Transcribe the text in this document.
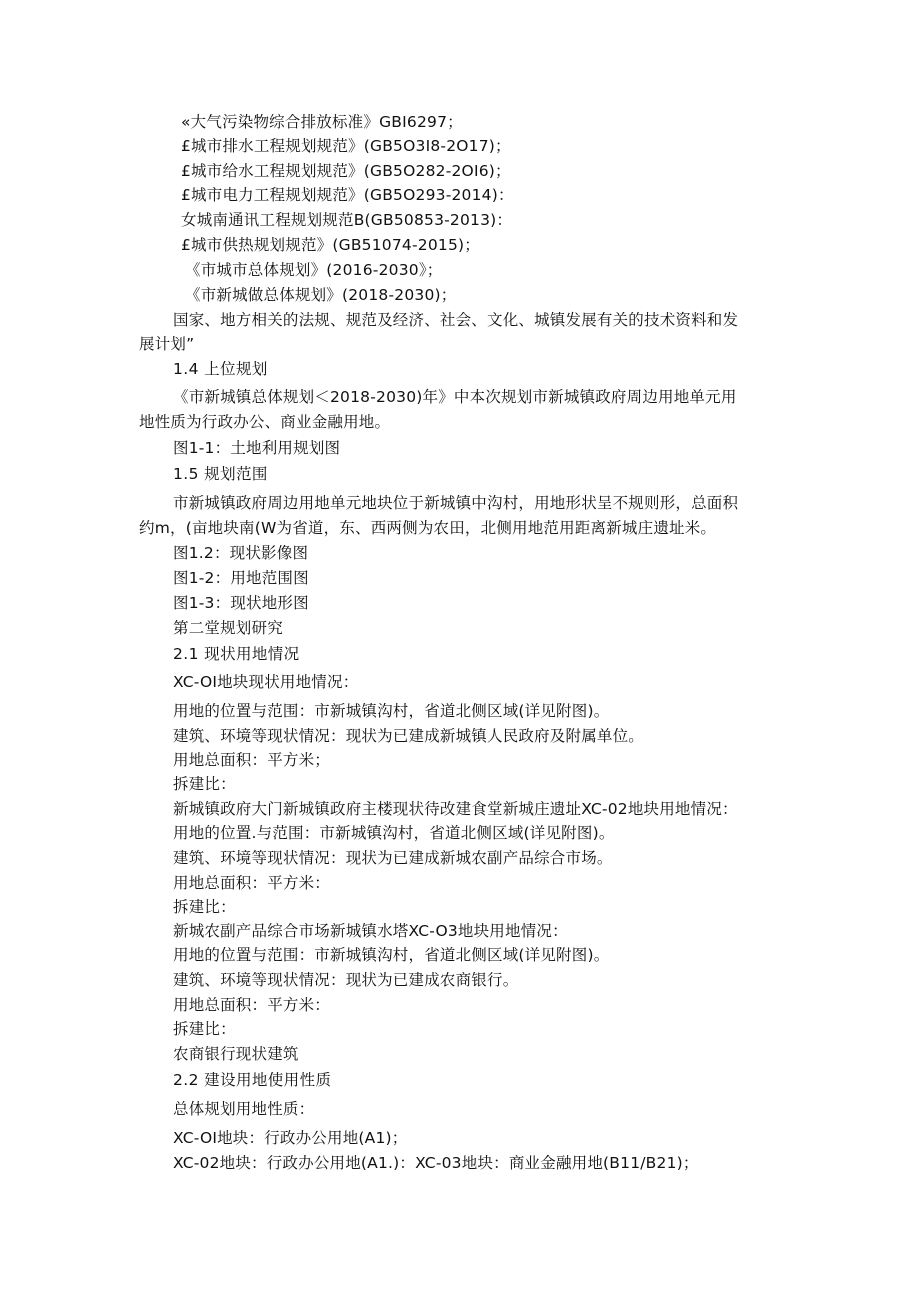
«大气污染物综合排放标准》GBI6297；
£城市排水工程规划规范》(GB5O3I8-2O17)；
£城市给水工程规划规范》(GB5O282-2OI6)；
£城市电力工程规划规范》(GB5O293-2014)：
女城南通讯工程规划规范B(GB50853-2013)：
£城市供热规划规范》(GB51074-2015)；
《市城市总体规划》(2016-2030》；
《市新城做总体规划》(2018-2030)；
国家、地方相关的法规、规范及经济、社会、文化、城镇发展有关的技术资料和发
展计划”
1.4 上位规划
《市新城镇总体规划＜2018-2030)年》中本次规划市新城镇政府周边用地单元用
地性质为行政办公、商业金融用地。
图1-1：土地利用规划图
1.5 规划范围
市新城镇政府周边用地单元地块位于新城镇中沟村，用地形状呈不规则形，总面积
约m，(亩地块南(W为省道，东、西两侧为农田，北侧用地范用距离新城庄遗址米。
图1.2：现状影像图
图1-2：用地范围图
图1-3：现状地形图
第二堂规划研究
2.1 现状用地情况
XC-OI地块现状用地情况：
用地的位置与范围：市新城镇沟村，省道北侧区域(详见附图)。
建筑、环境等现状情况：现状为已建成新城镇人民政府及附属单位。
用地总面积：平方米；
拆建比：
新城镇政府大门新城镇政府主楼现状待改建食堂新城庄遗址XC-02地块用地情况：
用地的位置.与范围：市新城镇沟村，省道北侧区域(详见附图)。
建筑、环境等现状情况：现状为已建成新城农副产品综合市场。
用地总面积：平方米：
拆建比：
新城农副产品综合市场新城镇水塔XC-O3地块用地情况：
用地的位置与范围：市新城镇沟村，省道北侧区域(详见附图)。
建筑、环境等现状情况：现状为已建成农商银行。
用地总面积：平方米：
拆建比：
农商银行现状建筑
2.2 建设用地使用性质
总体规划用地性质：
XC-OI地块：行政办公用地(A1)；
XC-02地块：行政办公用地(A1.)：XC-03地块：商业金融用地(B11/B21)；
